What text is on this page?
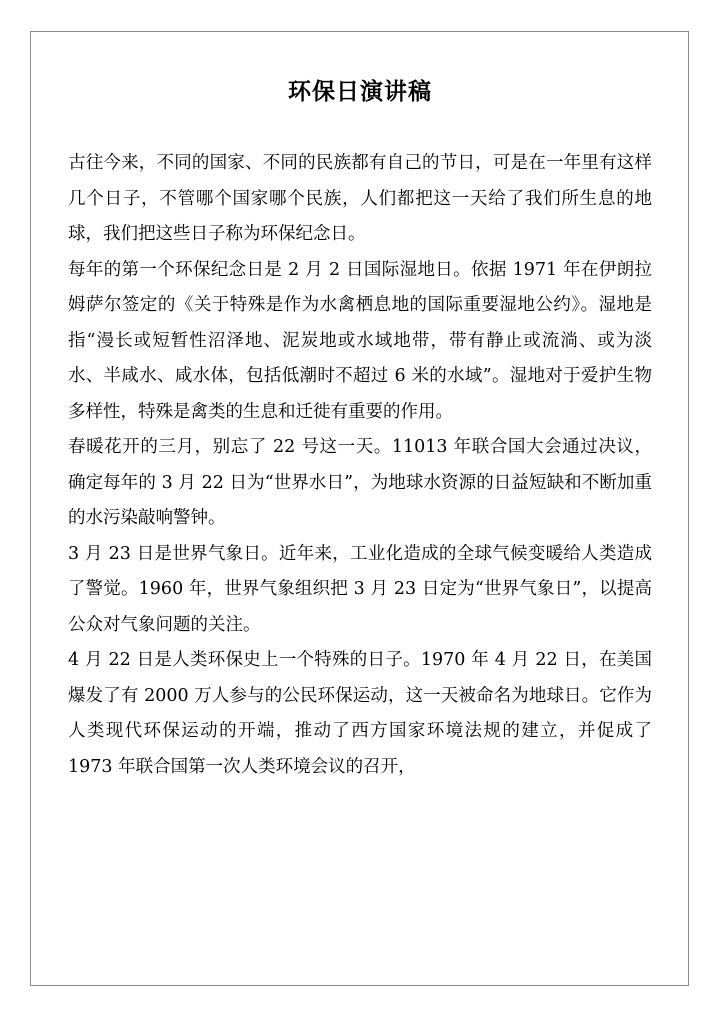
环保日演讲稿

古往今来，不同的国家、不同的民族都有自己的节日，可是在一年里有这样几个日子，不管哪个国家哪个民族，人们都把这一天给了我们所生息的地球，我们把这些日子称为环保纪念日。

每年的第一个环保纪念日是 2 月 2 日国际湿地日。依据 1971 年在伊朗拉姆萨尔签定的《关于特殊是作为水禽栖息地的国际重要湿地公约》。湿地是指“漫长或短暂性沼泽地、泥炭地或水域地带，带有静止或流淌、或为淡水、半咸水、咸水体，包括低潮时不超过 6 米的水域”。湿地对于爱护生物多样性，特殊是禽类的生息和迁徙有重要的作用。

春暖花开的三月，别忘了 22 号这一天。11013 年联合国大会通过决议，确定每年的 3 月 22 日为“世界水日”，为地球水资源的日益短缺和不断加重的水污染敲响警钟。

3 月 23 日是世界气象日。近年来，工业化造成的全球气候变暖给人类造成了警觉。1960 年，世界气象组织把 3 月 23 日定为“世界气象日”，以提高公众对气象问题的关注。

4 月 22 日是人类环保史上一个特殊的日子。1970 年 4 月 22 日，在美国爆发了有 2000 万人参与的公民环保运动，这一天被命名为地球日。它作为人类现代环保运动的开端，推动了西方国家环境法规的建立，并促成了 1973 年联合国第一次人类环境会议的召开，
